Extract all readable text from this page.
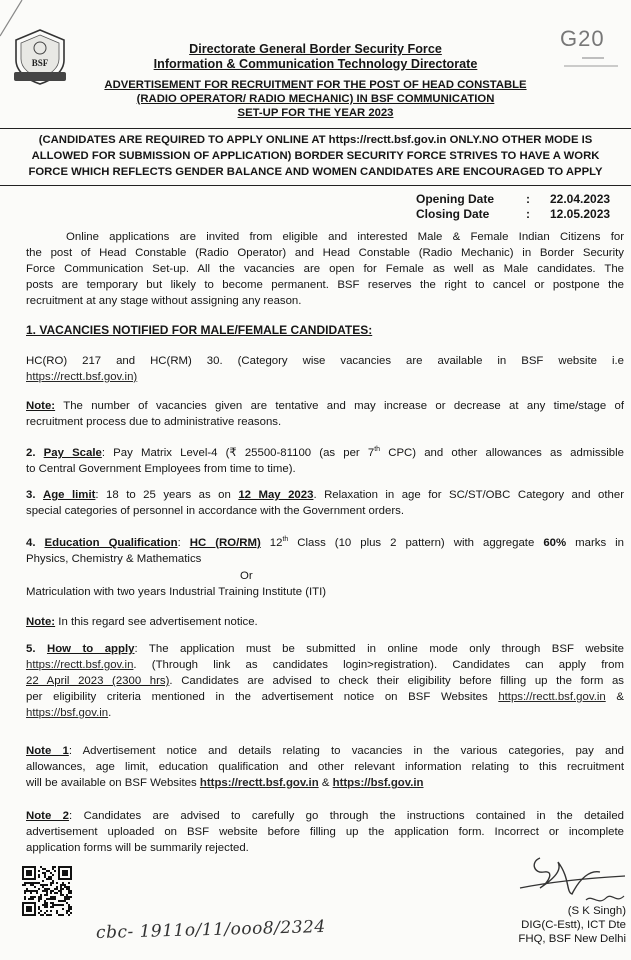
BSF
G20
Directorate General Border Security Force
Information & Communication Technology Directorate
ADVERTISEMENT FOR RECRUITMENT FOR THE POST OF HEAD CONSTABLE
(RADIO OPERATOR/ RADIO MECHANIC) IN BSF COMMUNICATION
SET-UP FOR THE YEAR 2023
(CANDIDATES ARE REQUIRED TO APPLY ONLINE AT https://rectt.bsf.gov.in ONLY.NO OTHER MODE IS
ALLOWED FOR SUBMISSION OF APPLICATION) BORDER SECURITY FORCE STRIVES TO HAVE A WORK
FORCE WHICH REFLECTS GENDER BALANCE AND WOMEN CANDIDATES ARE ENCOURAGED TO APPLY
Opening Date	: 22.04.2023
Closing Date	: 12.05.2023
Online applications are invited from eligible and interested Male & Female Indian Citizens for
the post of Head Constable (Radio Operator) and Head Constable (Radio Mechanic) in Border Security
Force Communication Set-up. All the vacancies are open for Female as well as Male candidates. The
posts are temporary but likely to become permanent. BSF reserves the right to cancel or postpone the
recruitment at any stage without assigning any reason.
1. VACANCIES NOTIFIED FOR MALE/FEMALE CANDIDATES:
HC(RO) 217 and HC(RM) 30. (Category wise vacancies are available in BSF website i.e
https://rectt.bsf.gov.in)
Note: The number of vacancies given are tentative and may increase or decrease at any time/stage of
recruitment process due to administrative reasons.
2. Pay Scale: Pay Matrix Level-4 (₹ 25500-81100 (as per 7th CPC) and other allowances as admissible
to Central Government Employees from time to time).
3. Age limit: 18 to 25 years as on 12 May 2023. Relaxation in age for SC/ST/OBC Category and other
special categories of personnel in accordance with the Government orders.
4. Education Qualification: HC (RO/RM) 12th Class (10 plus 2 pattern) with aggregate 60% marks in
Physics, Chemistry & Mathematics
Or
Matriculation with two years Industrial Training Institute (ITI)
Note: In this regard see advertisement notice.
5. How to apply: The application must be submitted in online mode only through BSF website
https://rectt.bsf.gov.in. (Through link as candidates login>registration). Candidates can apply from
22 April 2023 (2300 hrs). Candidates are advised to check their eligibility before filling up the form as
per eligibility criteria mentioned in the advertisement notice on BSF Websites https://rectt.bsf.gov.in &
https://bsf.gov.in.
Note 1: Advertisement notice and details relating to vacancies in the various categories, pay and
allowances, age limit, education qualification and other relevant information relating to this recruitment
will be available on BSF Websites https://rectt.bsf.gov.in & https://bsf.gov.in
Note 2: Candidates are advised to carefully go through the instructions contained in the detailed
advertisement uploaded on BSF website before filling up the application form. Incorrect or incomplete
application forms will be summarily rejected.
cbc- 1911o/11/ooo8/2324
(S K Singh)
DIG(C-Estt), ICT Dte
FHQ, BSF New Delhi
